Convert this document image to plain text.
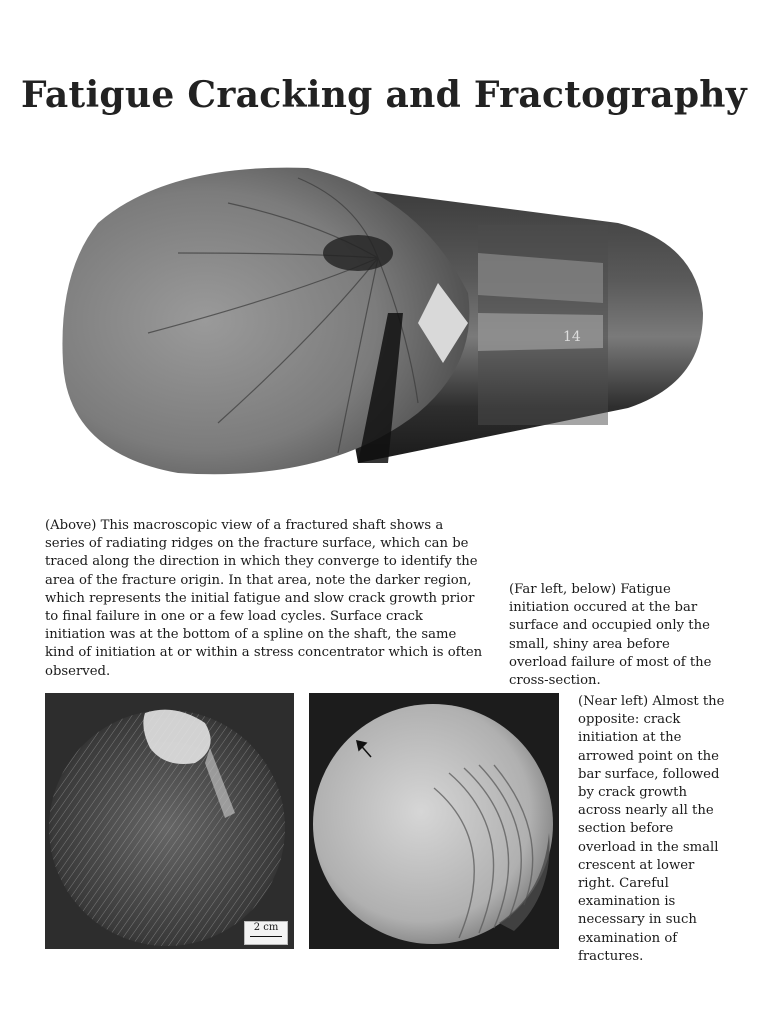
Fatigue Cracking and Fractography
14
(Above) This macroscopic view of a fractured shaft shows a series of radiating ridges on the fracture surface, which can be traced along the direction in which they converge to identify the area of the fracture origin. In that area, note the darker region, which represents the initial fatigue and slow crack growth prior to final failure in one or a few load cycles. Surface crack initiation was at the bottom of a spline on the shaft, the same kind of initiation at or within a stress concentrator which is often observed.
(Far left, below) Fatigue initiation occured at the bar surface and occupied only the small, shiny area before overload failure of most of the cross-section.
2 cm
(Near left) Almost the opposite: crack initiation at the arrowed point on the bar surface, followed by crack growth across nearly all the section before overload in the small crescent at lower right. Careful examination is necessary in such examination of fractures.
